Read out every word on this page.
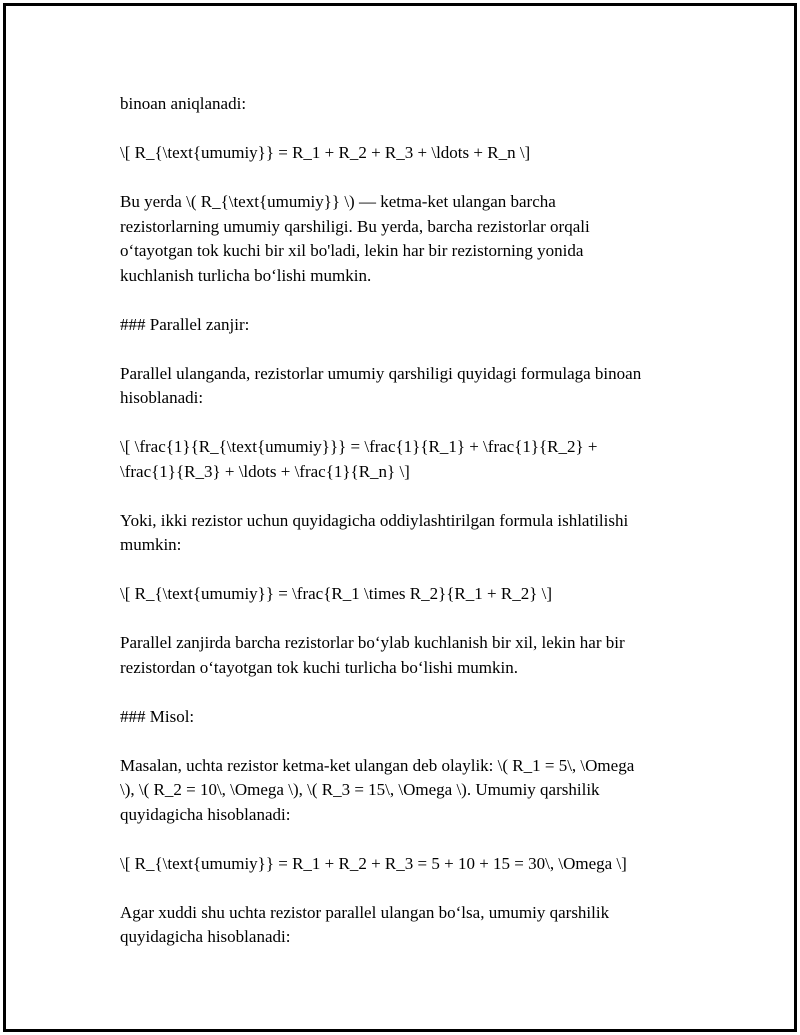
binoan aniqlanadi:

\[ R_{\text{umumiy}} = R_1 + R_2 + R_3 + \ldots + R_n \]

Bu yerda \( R_{\text{umumiy}} \) — ketma-ket ulangan barcha
rezistorlarning umumiy qarshiligi. Bu yerda, barcha rezistorlar orqali
o‘tayotgan tok kuchi bir xil bo'ladi, lekin har bir rezistorning yonida
kuchlanish turlicha bo‘lishi mumkin.

### Parallel zanjir:

Parallel ulanganda, rezistorlar umumiy qarshiligi quyidagi formulaga binoan
hisoblanadi:

\[ \frac{1}{R_{\text{umumiy}}} = \frac{1}{R_1} + \frac{1}{R_2} +
\frac{1}{R_3} + \ldots + \frac{1}{R_n} \]

Yoki, ikki rezistor uchun quyidagicha oddiylashtirilgan formula ishlatilishi
mumkin:

\[ R_{\text{umumiy}} = \frac{R_1 \times R_2}{R_1 + R_2} \]

Parallel zanjirda barcha rezistorlar bo‘ylab kuchlanish bir xil, lekin har bir
rezistordan o‘tayotgan tok kuchi turlicha bo‘lishi mumkin.

### Misol:

Masalan, uchta rezistor ketma-ket ulangan deb olaylik: \( R_1 = 5\, \Omega
\), \( R_2 = 10\, \Omega \), \( R_3 = 15\, \Omega \). Umumiy qarshilik
quyidagicha hisoblanadi:

\[ R_{\text{umumiy}} = R_1 + R_2 + R_3 = 5 + 10 + 15 = 30\, \Omega \]

Agar xuddi shu uchta rezistor parallel ulangan bo‘lsa, umumiy qarshilik
quyidagicha hisoblanadi:
